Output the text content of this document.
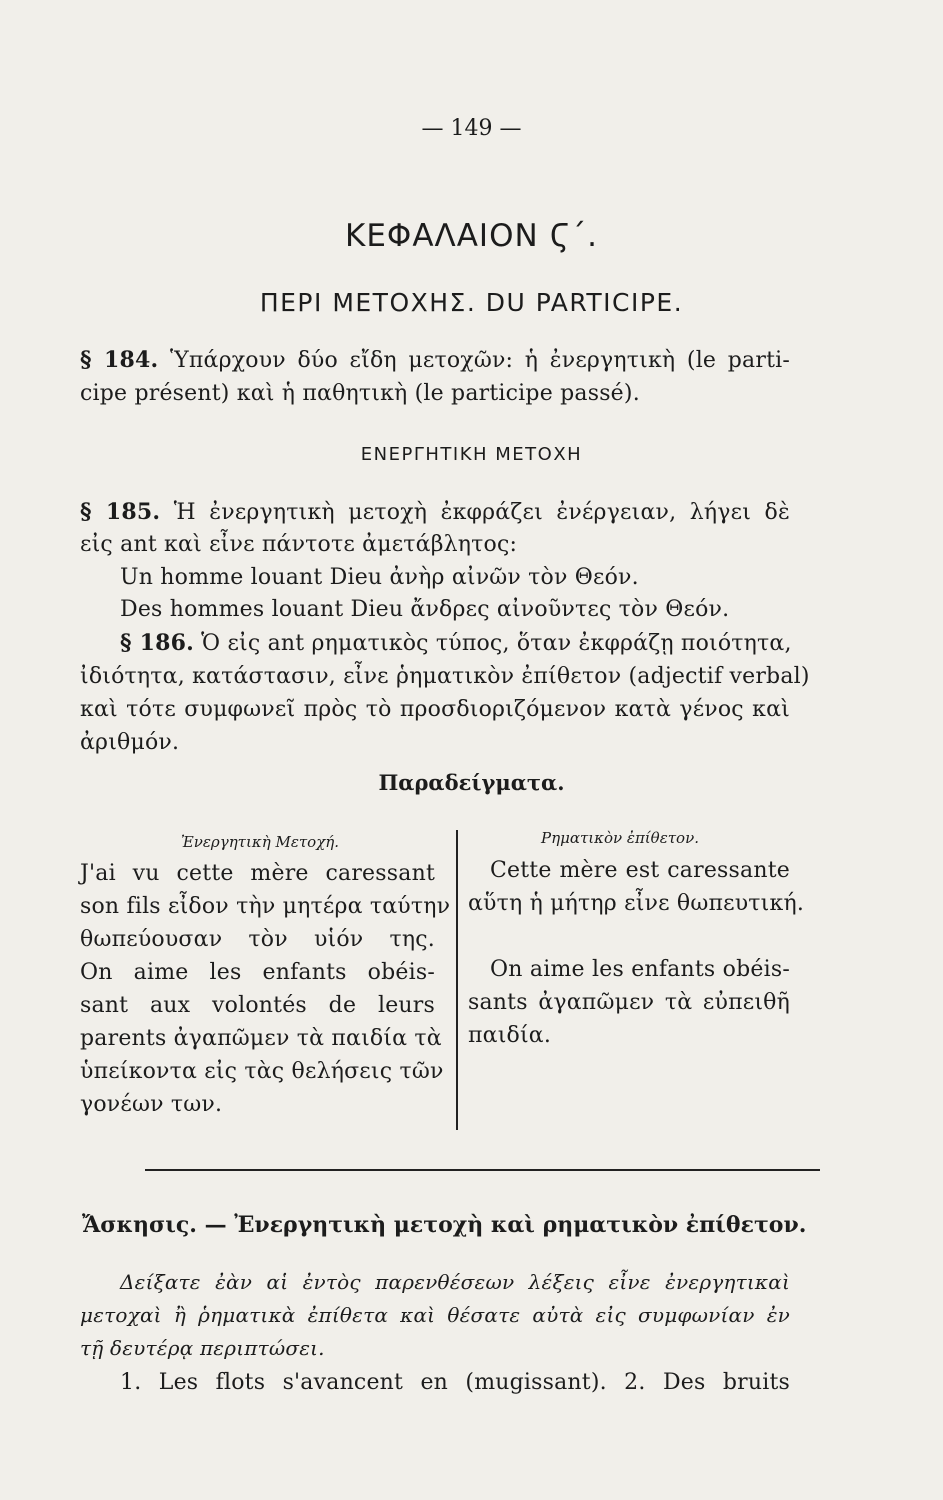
— 149 —
ΚΕΦΑΛΑΙΟΝ Ϛ΄.
ΠΕΡΙ ΜΕΤΟΧΗΣ. DU PARTICIPE.
§ 184. Ὑπάρχουν δύο εἴδη μετοχῶν: ἡ ἐνεργητικὴ (le parti-
cipe présent) καὶ ἡ παθητικὴ (le participe passé).
ΕΝΕΡΓΗΤΙΚΗ ΜΕΤΟΧΗ
§ 185. Ἡ ἐνεργητικὴ μετοχὴ ἐκφράζει ἐνέργειαν, λήγει δὲ
εἰς ant καὶ εἶνε πάντοτε ἀμετάβλητος:
Un homme louant Dieu ἀνὴρ αἰνῶν τὸν Θεόν.
Des hommes louant Dieu ἄνδρες αἰνοῦντες τὸν Θεόν.
§ 186. Ὁ εἰς ant ρηματικὸς τύπος, ὅταν ἐκφράζῃ ποιότητα,
ἰδιότητα, κατάστασιν, εἶνε ῥηματικὸν ἐπίθετον (adjectif verbal)
καὶ τότε συμφωνεῖ πρὸς τὸ προσδιοριζόμενον κατὰ γένος καὶ
ἀριθμόν.
Παραδείγματα.
Ἐνεργητικὴ Μετοχή.	Ρηματικὸν ἐπίθετον.
J'ai vu cette mère caressant
son fils εἶδον τὴν μητέρα ταύτην
θωπεύουσαν τὸν υἱόν της.
On aime les enfants obéis-
sant aux volontés de leurs
parents ἀγαπῶμεν τὰ παιδία τὰ
ὑπείκοντα εἰς τὰς θελήσεις τῶν
γονέων των.
Cette mère est caressante
αὕτη ἡ μήτηρ εἶνε θωπευτική.
On aime les enfants obéis-
sants ἀγαπῶμεν τὰ εὐπειθῆ
παιδία.
Ἄσκησις. — Ἐνεργητικὴ μετοχὴ καὶ ρηματικὸν ἐπίθετον.
Δείξατε ἐὰν αἱ ἐντὸς παρενθέσεων λέξεις εἶνε ἐνεργητικαὶ
μετοχαὶ ἢ ῥηματικὰ ἐπίθετα καὶ θέσατε αὐτὰ εἰς συμφωνίαν ἐν
τῇ δευτέρᾳ περιπτώσει.
1. Les flots s'avancent en (mugissant). 2. Des bruits
